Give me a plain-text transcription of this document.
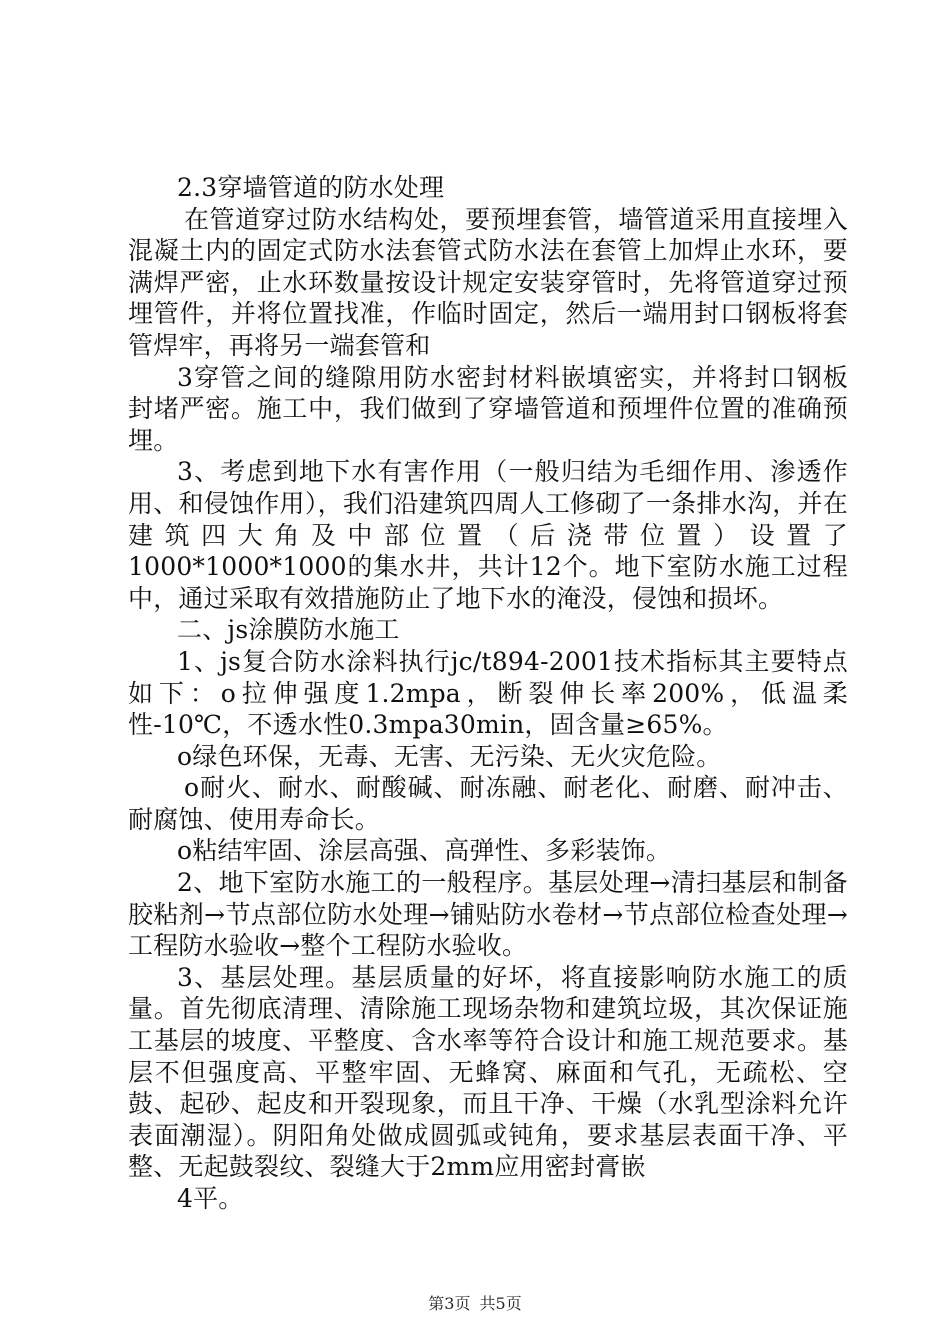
2.3穿墙管道的防水处理

在管道穿过防水结构处，要预埋套管，墙管道采用直接埋入混凝土内的固定式防水法套管式防水法在套管上加焊止水环，要满焊严密，止水环数量按设计规定安装穿管时，先将管道穿过预埋管件，并将位置找准，作临时固定，然后一端用封口钢板将套管焊牢，再将另一端套管和

3穿管之间的缝隙用防水密封材料嵌填密实，并将封口钢板封堵严密。施工中，我们做到了穿墙管道和预埋件位置的准确预埋。

3、考虑到地下水有害作用（一般归结为毛细作用、渗透作用、和侵蚀作用），我们沿建筑四周人工修砌了一条排水沟，并在建筑四大角及中部位置（后浇带位置）设置了1000*1000*1000的集水井，共计12个。地下室防水施工过程中，通过采取有效措施防止了地下水的淹没，侵蚀和损坏。

二、js涂膜防水施工

1、js复合防水涂料执行jc/t894-2001技术指标其主要特点如下：o拉伸强度1.2mpa，断裂伸长率200%，低温柔性-10℃，不透水性0.3mpa30min，固含量≥65%。

o绿色环保，无毒、无害、无污染、无火灾危险。

o耐火、耐水、耐酸碱、耐冻融、耐老化、耐磨、耐冲击、耐腐蚀、使用寿命长。

o粘结牢固、涂层高强、高弹性、多彩装饰。

2、地下室防水施工的一般程序。基层处理→清扫基层和制备胶粘剂→节点部位防水处理→铺贴防水卷材→节点部位检查处理→工程防水验收→整个工程防水验收。

3、基层处理。基层质量的好坏，将直接影响防水施工的质量。首先彻底清理、清除施工现场杂物和建筑垃圾，其次保证施工基层的坡度、平整度、含水率等符合设计和施工规范要求。基层不但强度高、平整牢固、无蜂窝、麻面和气孔，无疏松、空鼓、起砂、起皮和开裂现象，而且干净、干燥（水乳型涂料允许表面潮湿）。阴阳角处做成圆弧或钝角，要求基层表面干净、平整、无起鼓裂纹、裂缝大于2mm应用密封膏嵌

4平。

第3页 共5页
